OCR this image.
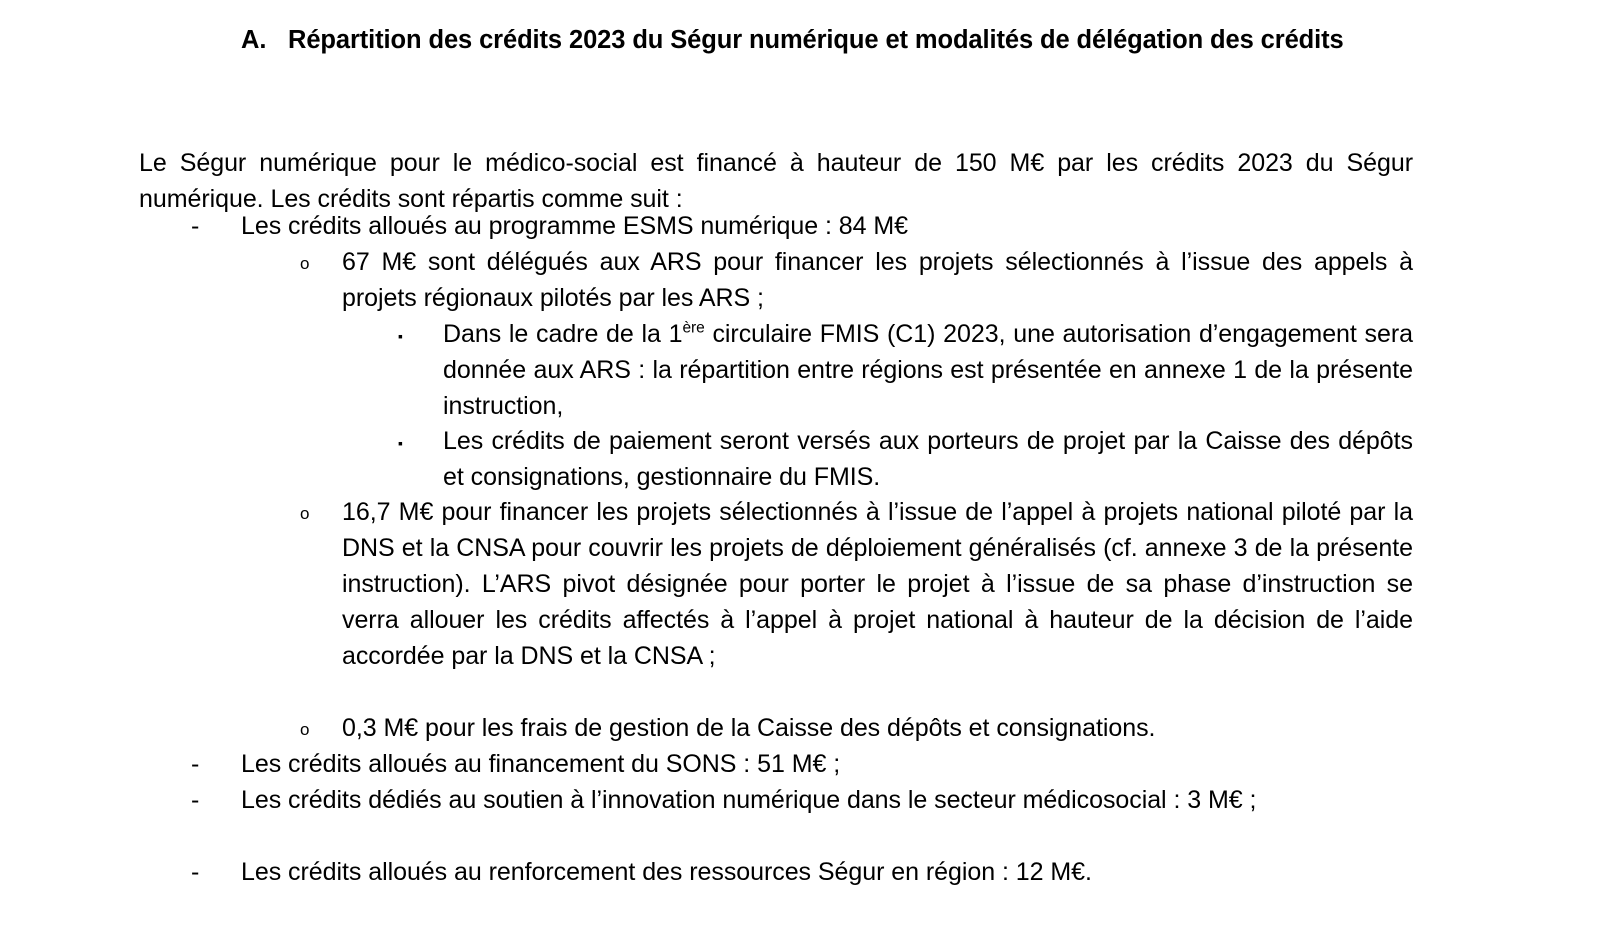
A. Répartition des crédits 2023 du Ségur numérique et modalités de délégation des crédits

Le Ségur numérique pour le médico-social est financé à hauteur de 150 M€ par les crédits 2023 du Ségur numérique. Les crédits sont répartis comme suit :

-	Les crédits alloués au programme ESMS numérique : 84 M€
o	67 M€ sont délégués aux ARS pour financer les projets sélectionnés à l’issue des appels à projets régionaux pilotés par les ARS ;
▪	Dans le cadre de la 1ère circulaire FMIS (C1) 2023, une autorisation d’engagement sera donnée aux ARS : la répartition entre régions est présentée en annexe 1 de la présente instruction,
▪	Les crédits de paiement seront versés aux porteurs de projet par la Caisse des dépôts et consignations, gestionnaire du FMIS.
o	16,7 M€ pour financer les projets sélectionnés à l’issue de l’appel à projets national piloté par la DNS et la CNSA pour couvrir les projets de déploiement généralisés (cf. annexe 3 de la présente instruction). L’ARS pivot désignée pour porter le projet à l’issue de sa phase d’instruction se verra allouer les crédits affectés à l’appel à projet national à hauteur de la décision de l’aide accordée par la DNS et la CNSA ;
o	0,3 M€ pour les frais de gestion de la Caisse des dépôts et consignations.
-	Les crédits alloués au financement du SONS : 51 M€ ;
-	Les crédits dédiés au soutien à l’innovation numérique dans le secteur médicosocial : 3 M€ ;
-	Les crédits alloués au renforcement des ressources Ségur en région : 12 M€.
